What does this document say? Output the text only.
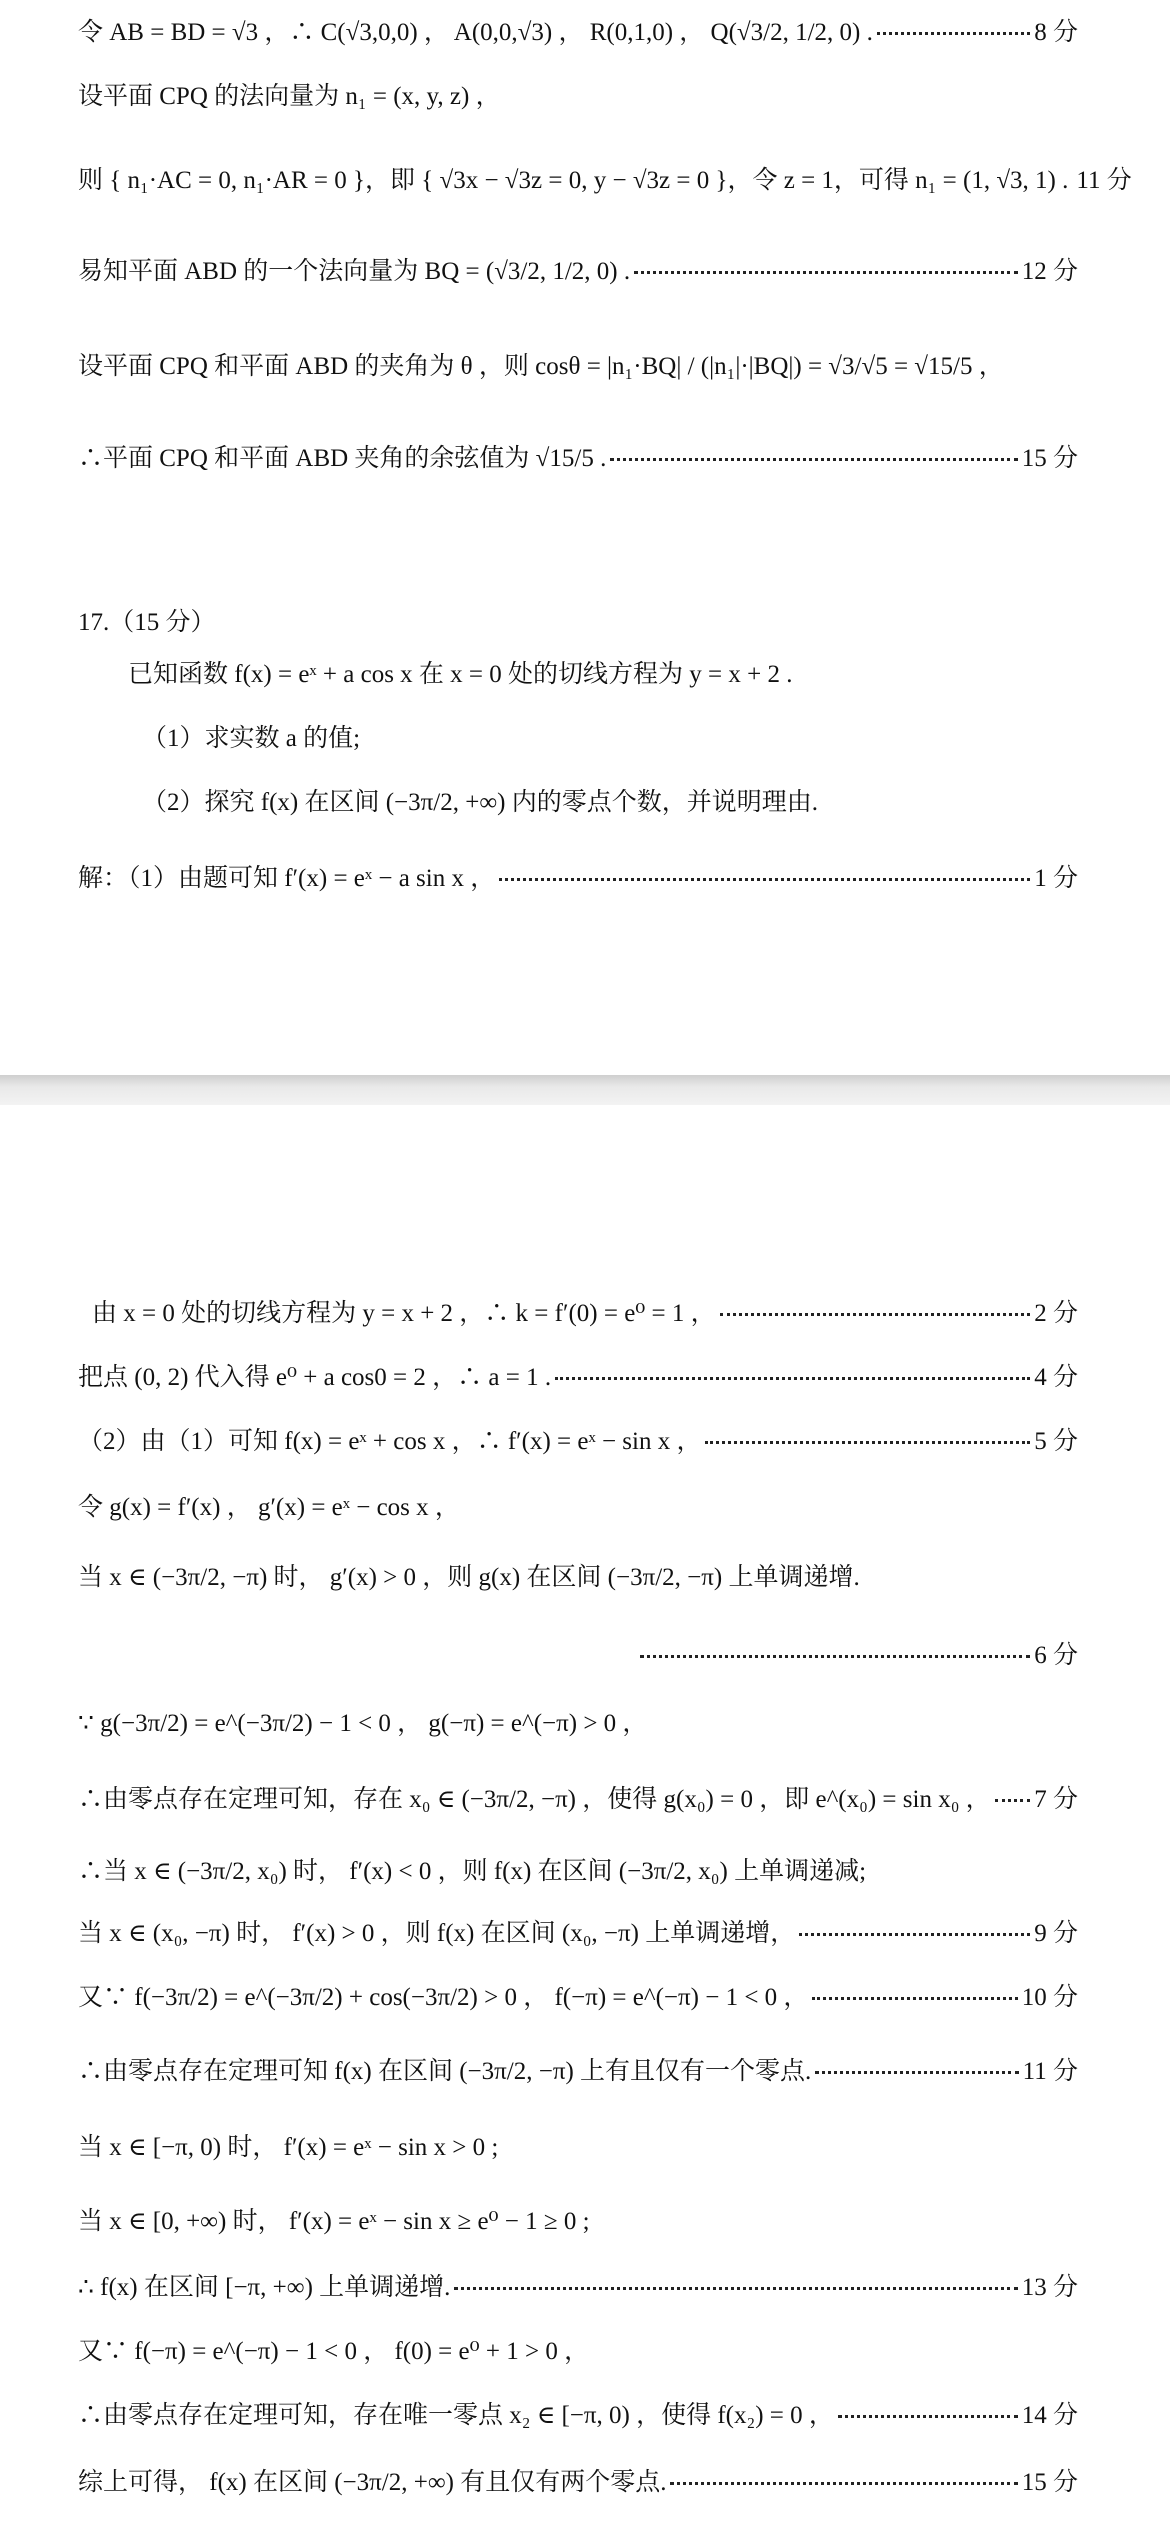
令 AB = BD = √3 ，∴ C(√3,0,0) ， A(0,0,√3) ， R(0,1,0) ， Q(√3/2, 1/2, 0) .	8 分
设平面 CPQ 的法向量为 n₁ = (x, y, z) ，
则 { n₁·AC = 0, n₁·AR = 0 }，即 { √3x − √3z = 0, y − √3z = 0 }，令 z = 1，可得 n₁ = (1, √3, 1) . 11 分
易知平面 ABD 的一个法向量为 BQ = (√3/2, 1/2, 0) .	12 分
设平面 CPQ 和平面 ABD 的夹角为 θ ，则 cosθ = |n₁·BQ| / (|n₁|·|BQ|) = √3/√5 = √15/5 ，
∴平面 CPQ 和平面 ABD 夹角的余弦值为 √15/5 .	15 分
17.（15 分）
已知函数 f(x) = eˣ + a cos x 在 x = 0 处的切线方程为 y = x + 2 .
（1）求实数 a 的值;
（2）探究 f(x) 在区间 (−3π/2, +∞) 内的零点个数，并说明理由.
解：（1）由题可知 f′(x) = eˣ − a sin x ，	1 分
由 x = 0 处的切线方程为 y = x + 2 ，∴ k = f′(0) = e⁰ = 1 ，	2 分
把点 (0, 2) 代入得 e⁰ + a cos0 = 2 ，∴ a = 1 .	4 分
（2）由（1）可知 f(x) = eˣ + cos x ，∴ f′(x) = eˣ − sin x ，	5 分
令 g(x) = f′(x) ， g′(x) = eˣ − cos x ，
当 x ∈ (−3π/2, −π) 时， g′(x) > 0 ，则 g(x) 在区间 (−3π/2, −π) 上单调递增.
6 分
∵ g(−3π/2) = e^(−3π/2) − 1 < 0 ， g(−π) = e^(−π) > 0 ，
∴由零点存在定理可知，存在 x₀ ∈ (−3π/2, −π) ，使得 g(x₀) = 0 ，即 e^(x₀) = sin x₀ ， 7 分
∴当 x ∈ (−3π/2, x₀) 时， f′(x) < 0 ，则 f(x) 在区间 (−3π/2, x₀) 上单调递减;
当 x ∈ (x₀, −π) 时， f′(x) > 0 ，则 f(x) 在区间 (x₀, −π) 上单调递增，	9 分
又∵ f(−3π/2) = e^(−3π/2) + cos(−3π/2) > 0 ， f(−π) = e^(−π) − 1 < 0 ，	10 分
∴由零点存在定理可知 f(x) 在区间 (−3π/2, −π) 上有且仅有一个零点.	11 分
当 x ∈ [−π, 0) 时， f′(x) = eˣ − sin x > 0 ;
当 x ∈ [0, +∞) 时， f′(x) = eˣ − sin x ≥ e⁰ − 1 ≥ 0 ;
∴ f(x) 在区间 [−π, +∞) 上单调递增.	13 分
又∵ f(−π) = e^(−π) − 1 < 0 ， f(0) = e⁰ + 1 > 0 ，
∴由零点存在定理可知，存在唯一零点 x₂ ∈ [−π, 0) ，使得 f(x₂) = 0 ，	14 分
综上可得， f(x) 在区间 (−3π/2, +∞) 有且仅有两个零点.	15 分
